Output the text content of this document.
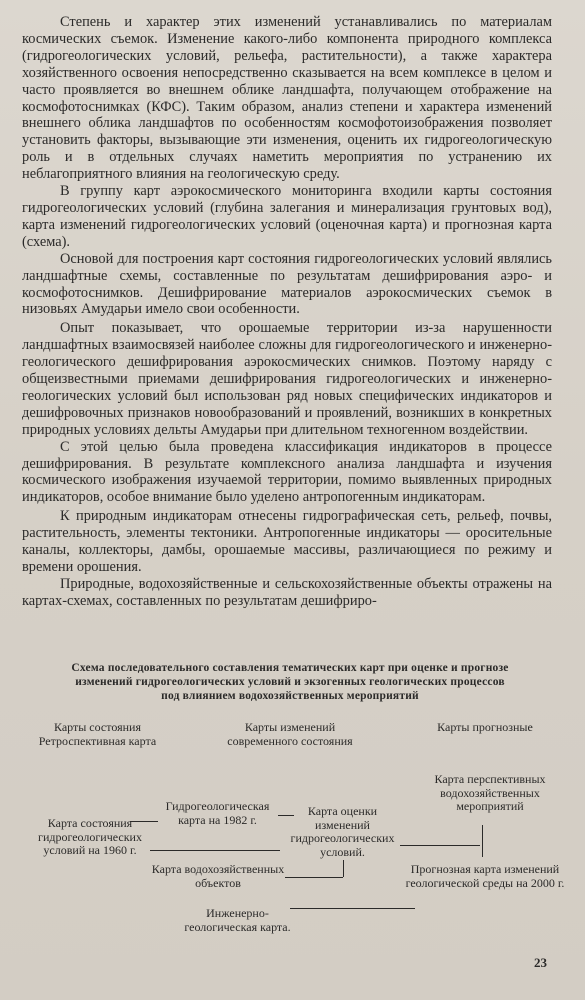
Степень и характер этих изменений устанавливались по материалам космических съемок. Изменение какого-либо компонента природного комплекса (гидрогеологических условий, рельефа, растительности), а также характера хозяйственного освоения непосредственно сказывается на всем комплексе в целом и часто проявляется во внешнем облике ландшафта, получающем отображение на космофотоснимках (КФС). Таким образом, анализ степени и характера изменений внешнего облика ландшафтов по особенностям космофотоизображения позволяет установить факторы, вызывающие эти изменения, оценить их гидрогеологическую роль и в отдельных случаях наметить мероприятия по устранению их неблагоприятного влияния на геологическую среду.

В группу карт аэрокосмического мониторинга входили карты состояния гидрогеологических условий (глубина залегания и минерализация грунтовых вод), карта изменений гидрогеологических условий (оценочная карта) и прогнозная карта (схема).

Основой для построения карт состояния гидрогеологических условий являлись ландшафтные схемы, составленные по результатам дешифрирования аэро- и космофотоснимков. Дешифрирование материалов аэрокосмических съемок в низовьях Амударьи имело свои особенности.

Опыт показывает, что орошаемые территории из-за нарушенности ландшафтных взаимосвязей наиболее сложны для гидрогеологического и инженерно-геологического дешифрирования аэрокосмических снимков. Поэтому наряду с общеизвестными приемами дешифрирования гидрогеологических и инженерно-геологических условий был использован ряд новых специфических индикаторов и дешифровочных признаков новообразований и проявлений, возникших в конкретных природных условиях дельты Амударьи при длительном техногенном воздействии.

С этой целью была проведена классификация индикаторов в процессе дешифрирования. В результате комплексного анализа ландшафта и изучения космического изображения изучаемой территории, помимо выявленных природных индикаторов, особое внимание было уделено антропогенным индикаторам.

К природным индикаторам отнесены гидрографическая сеть, рельеф, почвы, растительность, элементы тектоники. Антропогенные индикаторы — оросительные каналы, коллекторы, дамбы, орошаемые массивы, различающиеся по режиму и времени орошения.

Природные, водохозяйственные и сельскохозяйственные объекты отражены на картах-схемах, составленных по результатам дешифриро-

Схема последовательного составления тематических карт при оценке и прогнозе изменений гидрогеологических условий и экзогенных геологических процессов под влиянием водохозяйственных мероприятий
Карты состояния Ретроспективная карта
Карты изменений современного состояния
Карты прогнозные
Карта состояния гидрогеологических условий на 1960 г.
Гидрогеологическая карта на 1982 г.
Карта оценки изменений гидрогеологических условий.
Карта водохозяйственных объектов
Карта перспективных водохозяйственных мероприятий
Прогнозная карта изменений геологической среды на 2000 г.
Инженерно-геологическая карта.
23
